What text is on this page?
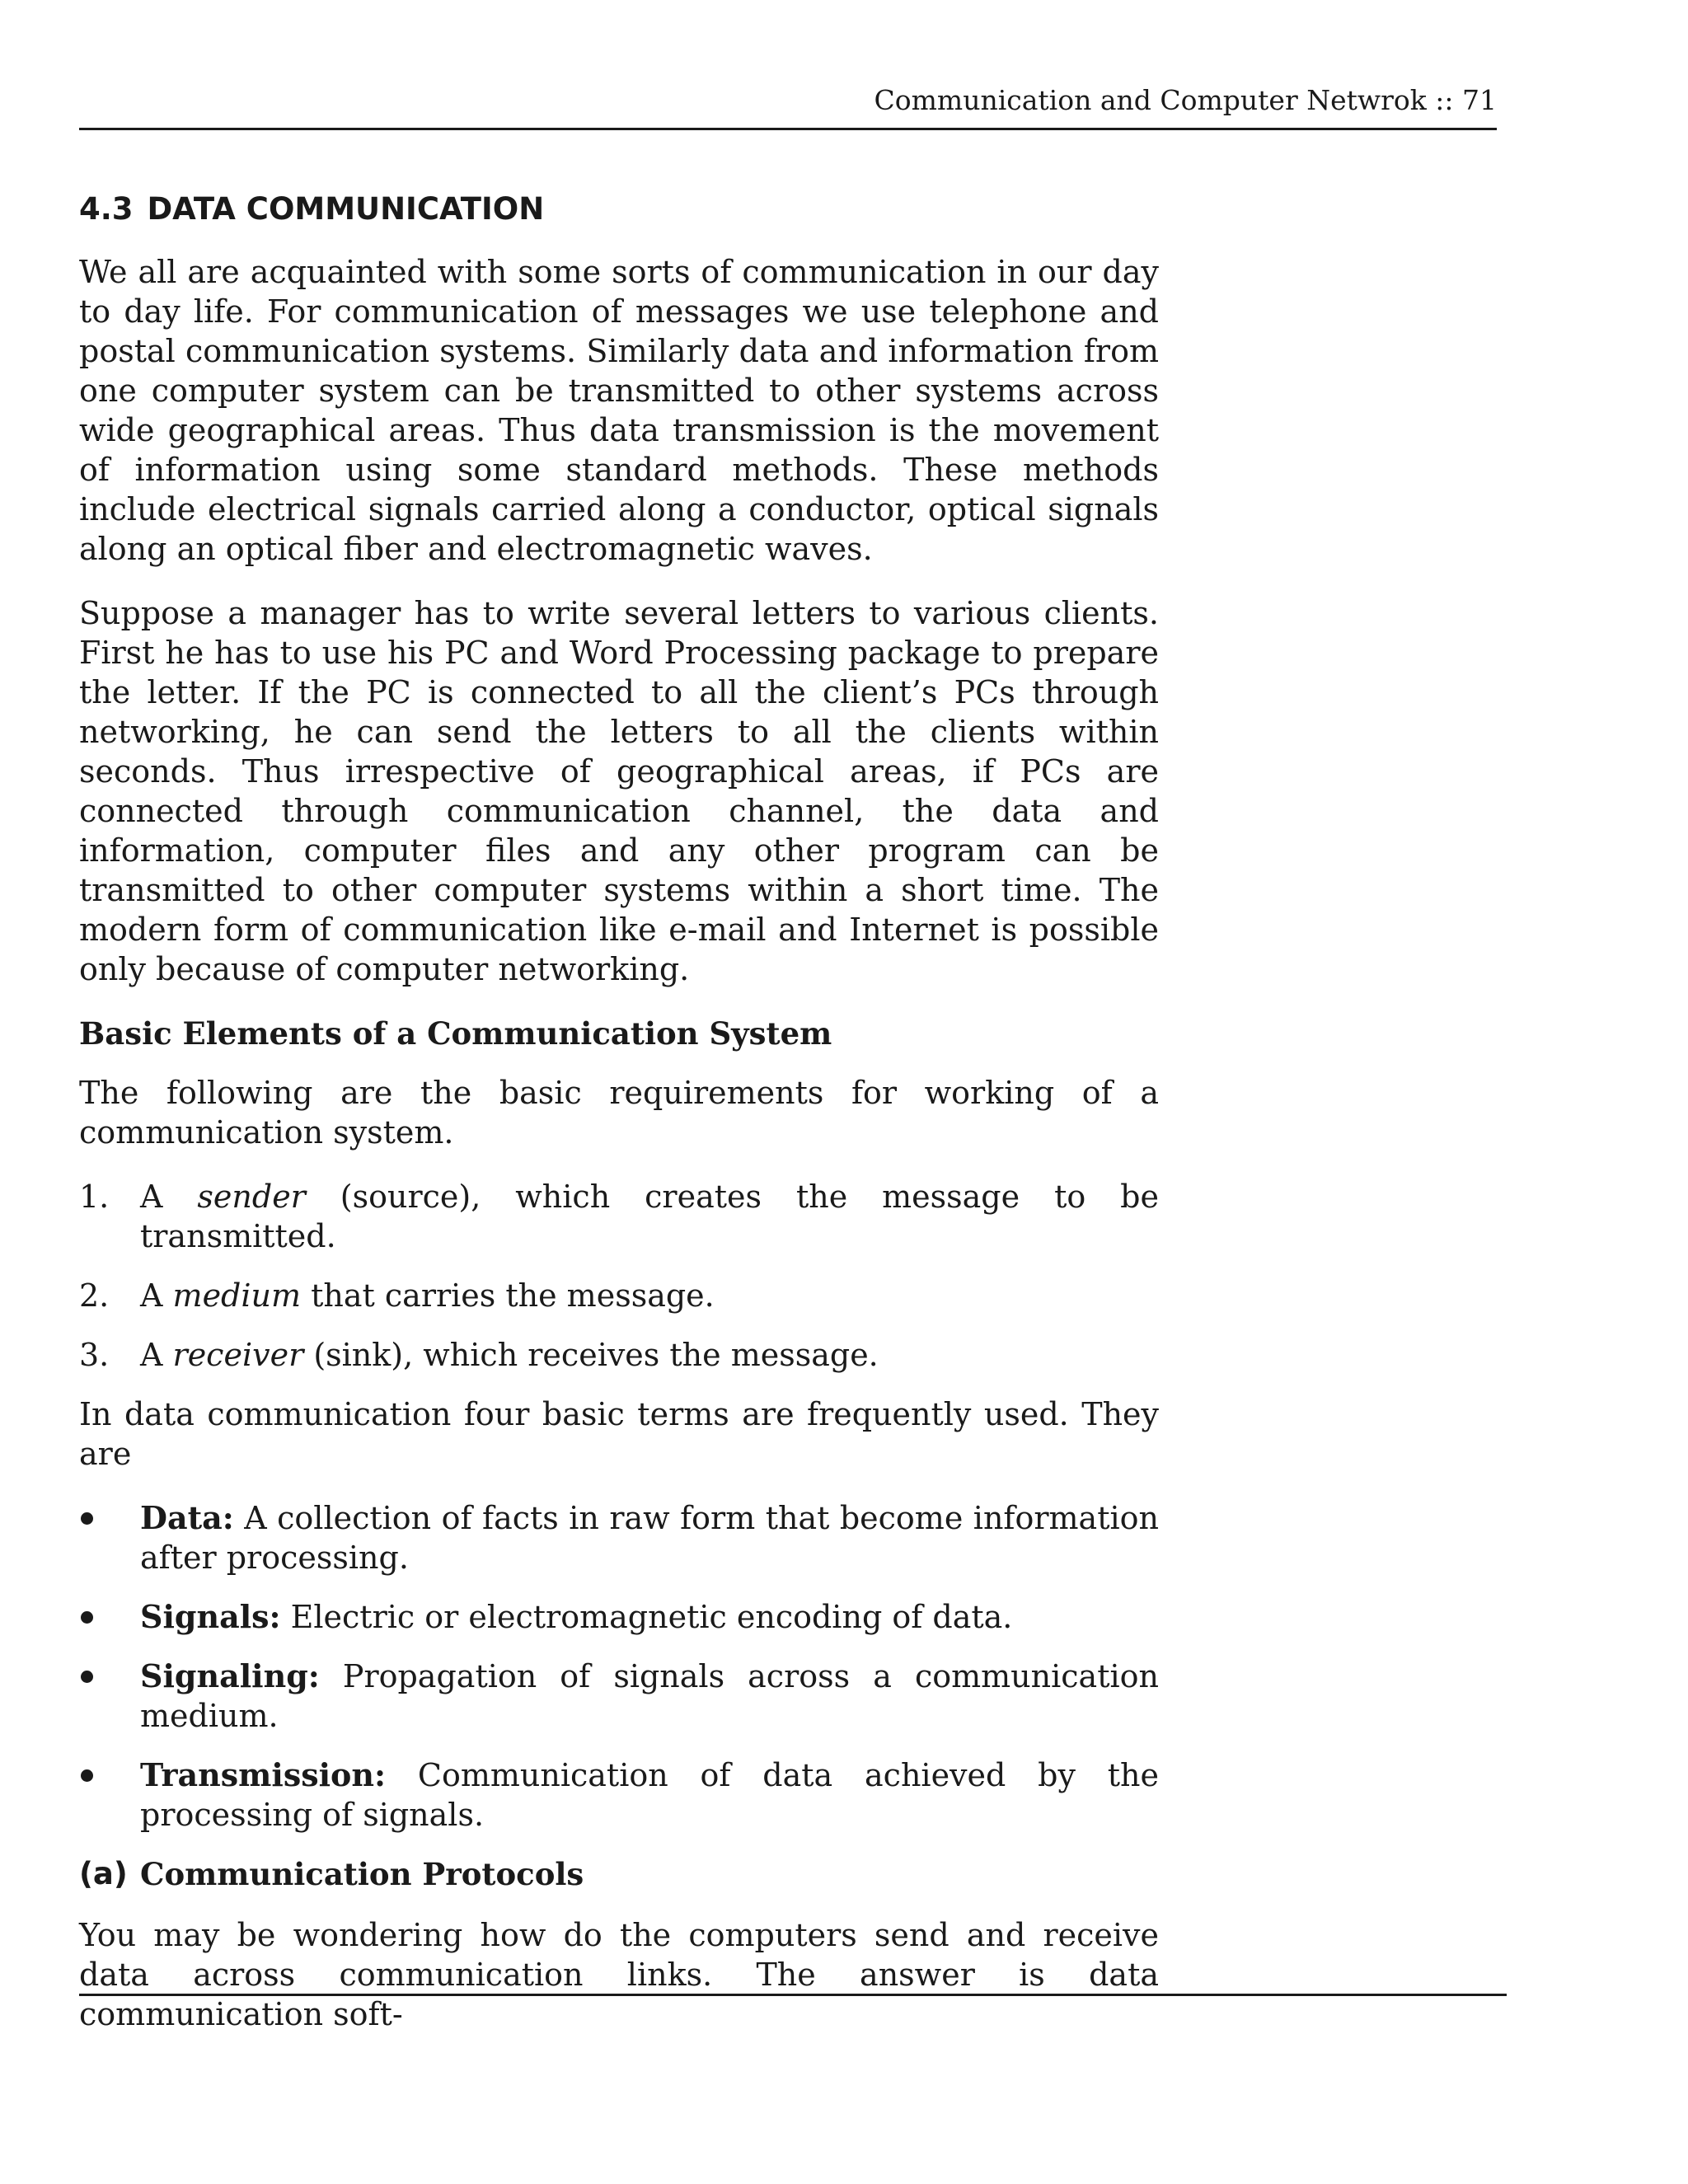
Communication and Computer Netwrok :: 71
4.3 DATA COMMUNICATION

We all are acquainted with some sorts of communication in our day to day life. For communication of messages we use telephone and postal communication systems. Similarly data and information from one computer system can be transmitted to other systems across wide geographical areas. Thus data transmission is the movement of information using some standard methods. These methods include electrical signals carried along a conductor, optical signals along an optical fiber and electromagnetic waves.

Suppose a manager has to write several letters to various clients. First he has to use his PC and Word Processing package to prepare the letter. If the PC is connected to all the client’s PCs through networking, he can send the letters to all the clients within seconds. Thus irrespective of geographical areas, if PCs are connected through communication channel, the data and information, computer files and any other program can be transmitted to other computer systems within a short time. The modern form of communication like e-mail and Internet is possible only because of computer networking.

Basic Elements of a Communication System

The following are the basic requirements for working of a communication system.

1. A sender (source), which creates the message to be transmitted.
2. A medium that carries the message.
3. A receiver (sink), which receives the message.

In data communication four basic terms are frequently used. They are

Data: A collection of facts in raw form that become information after processing.
Signals: Electric or electromagnetic encoding of data.
Signaling: Propagation of signals across a communication medium.
Transmission: Communication of data achieved by the processing of signals.
(a) Communication Protocols

You may be wondering how do the computers send and receive data across communication links. The answer is data communication soft-
